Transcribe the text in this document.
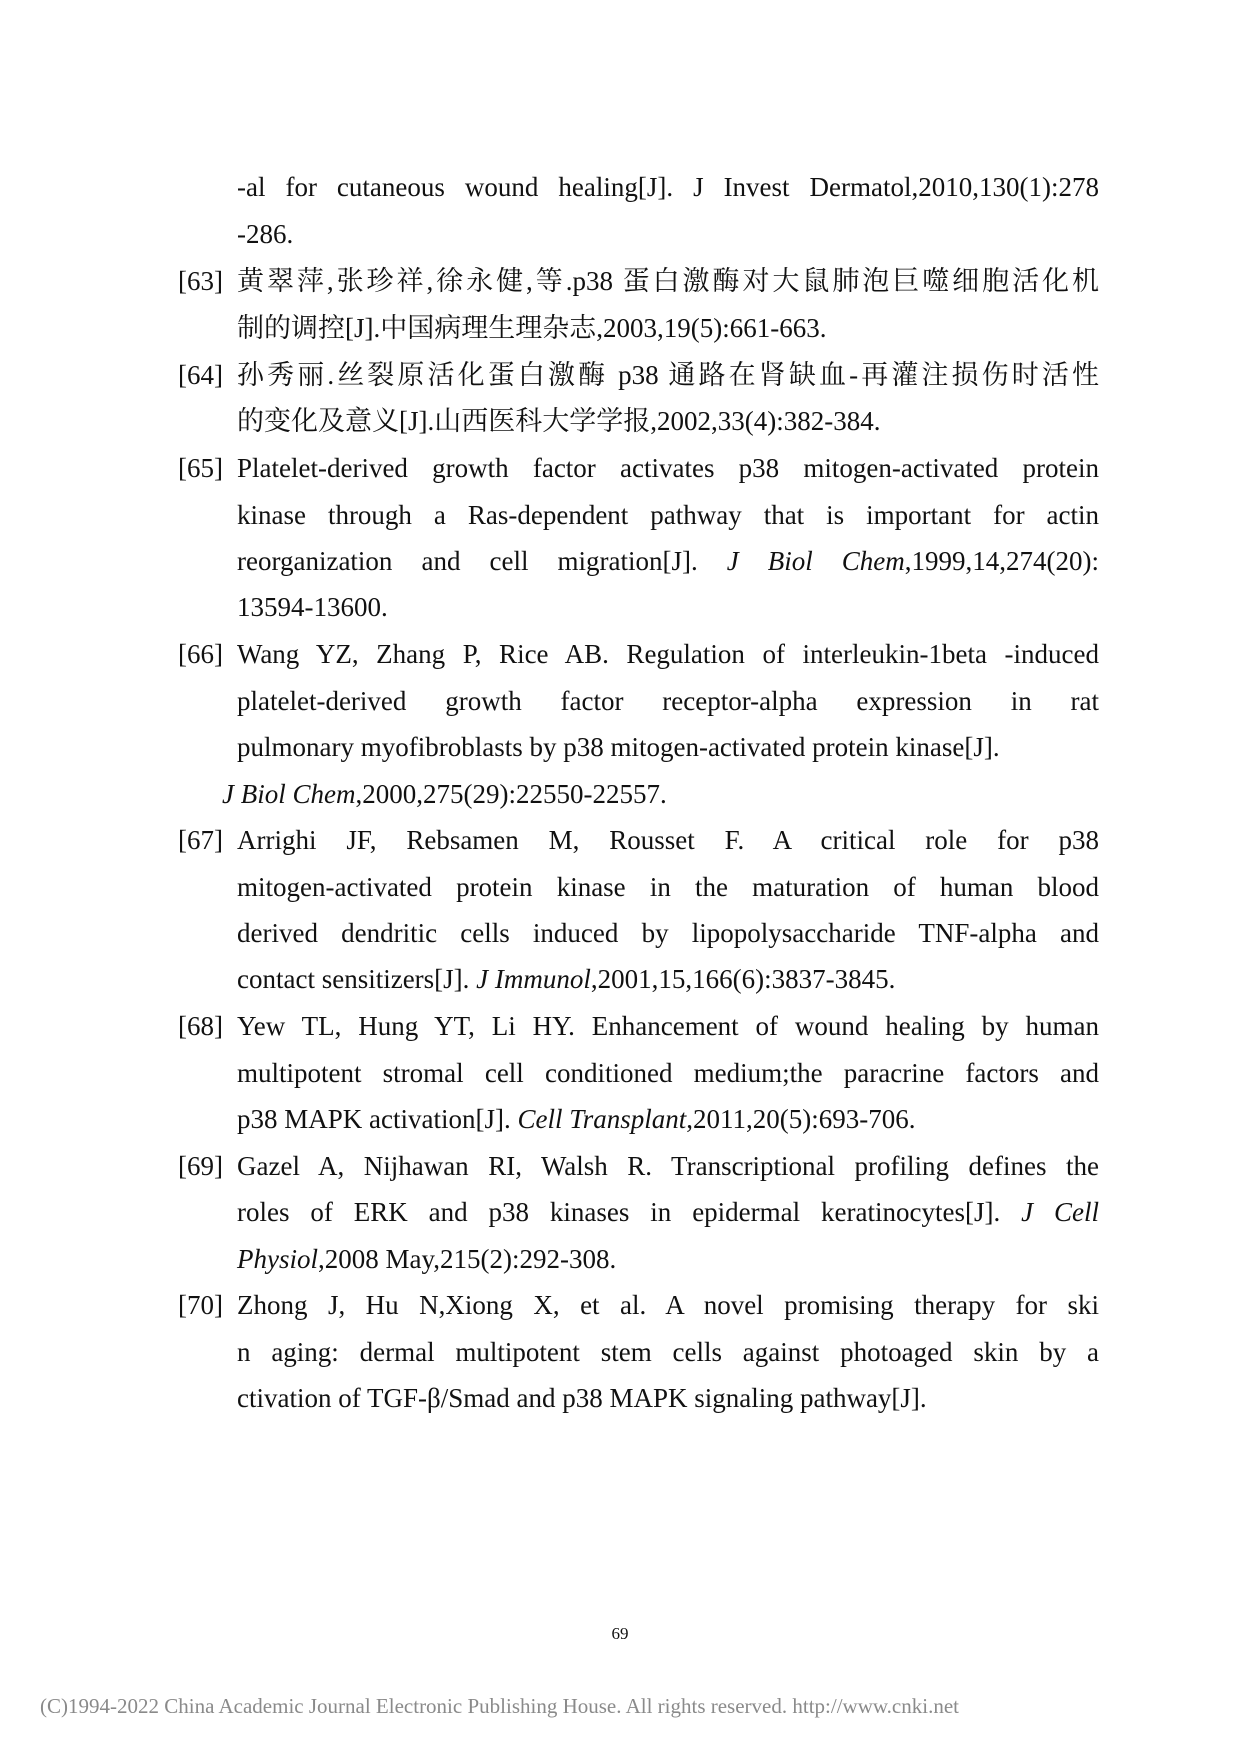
-al for cutaneous wound healing[J]. J Invest Dermatol,2010,130(1):278
-286.
[63] 黄翠萍,张珍祥,徐永健,等.p38 蛋白激酶对大鼠肺泡巨噬细胞活化机
制的调控[J].中国病理生理杂志,2003,19(5):661-663.
[64] 孙秀丽.丝裂原活化蛋白激酶 p38 通路在肾缺血-再灌注损伤时活性
的变化及意义[J].山西医科大学学报,2002,33(4):382-384.
[65] Platelet-derived growth factor activates p38 mitogen-activated protein
kinase through a Ras-dependent pathway that is important for actin
reorganization and cell migration[J]. J Biol Chem,1999,14,274(20):
13594-13600.
[66] Wang YZ, Zhang P, Rice AB. Regulation of interleukin-1beta -induced
platelet-derived growth factor receptor-alpha expression in rat
pulmonary myofibroblasts by p38 mitogen-activated protein kinase[J].
J Biol Chem,2000,275(29):22550-22557.
[67] Arrighi JF, Rebsamen M, Rousset F. A critical role for p38
mitogen-activated protein kinase in the maturation of human blood
derived dendritic cells induced by lipopolysaccharide TNF-alpha and
contact sensitizers[J]. J Immunol,2001,15,166(6):3837-3845.
[68] Yew TL, Hung YT, Li HY. Enhancement of wound healing by human
multipotent stromal cell conditioned medium;the paracrine factors and
p38 MAPK activation[J]. Cell Transplant,2011,20(5):693-706.
[69] Gazel A, Nijhawan RI, Walsh R. Transcriptional profiling defines the
roles of ERK and p38 kinases in epidermal keratinocytes[J]. J Cell
Physiol,2008 May,215(2):292-308.
[70] Zhong J, Hu N,Xiong X, et al. A novel promising therapy for ski
n aging: dermal multipotent stem cells against photoaged skin by a
ctivation of TGF-β/Smad and p38 MAPK signaling pathway[J].
69
(C)1994-2022 China Academic Journal Electronic Publishing House. All rights reserved. http://www.cnki.net
